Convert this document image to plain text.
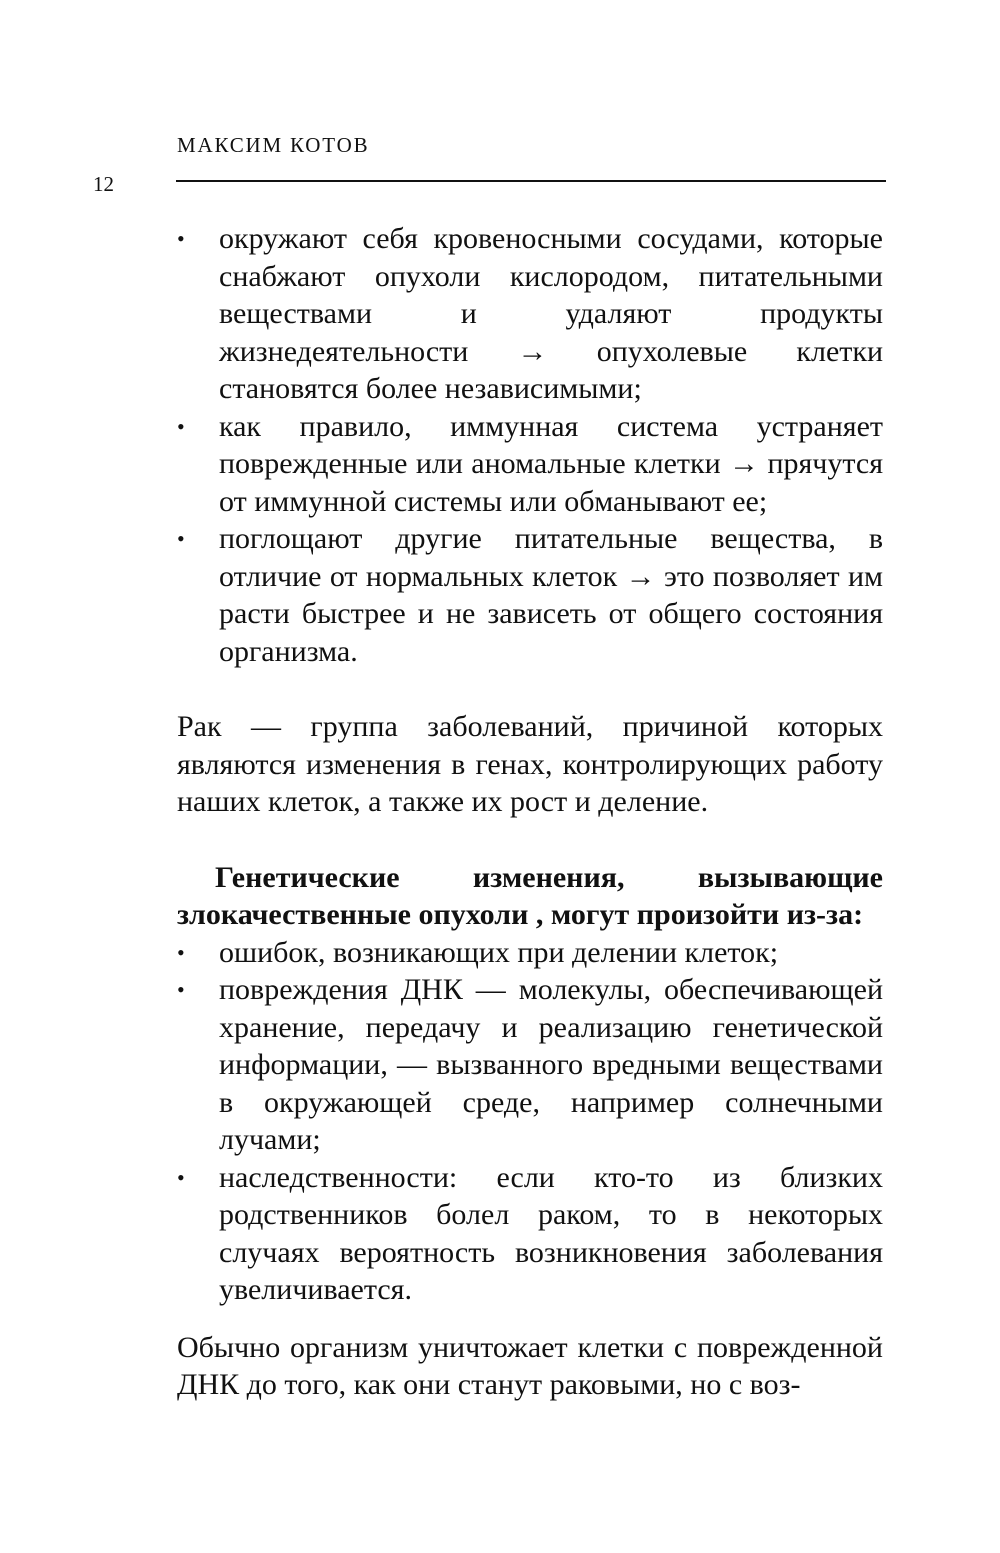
МАКСИМ КОТОВ
12
•	окружают себя кровеносными сосудами, которые снабжают опухоли кислородом, питательными веществами и удаляют продукты жизнедеятельности → опухолевые клетки становятся более независимыми;
•	как правило, иммунная система устраняет поврежденные или аномальные клетки → прячутся от иммунной системы или обманывают ее;
•	поглощают другие питательные вещества, в отличие от нормальных клеток → это позволяет им расти быстрее и не зависеть от общего состояния организма.

Рак — группа заболеваний, причиной которых являются изменения в генах, контролирующих работу наших клеток, а также их рост и деление.

Генетические изменения, вызывающие злокачественные опухоли , могут произойти из-за:

•	ошибок, возникающих при делении клеток;
•	повреждения ДНК — молекулы, обеспечивающей хранение, передачу и реализацию генетической информации, — вызванного вредными веществами в окружающей среде, например солнечными лучами;
•	наследственности: если кто-то из близких родственников болел раком, то в некоторых случаях вероятность возникновения заболевания увеличивается.

Обычно организм уничтожает клетки с поврежденной ДНК до того, как они станут раковыми, но с воз-
